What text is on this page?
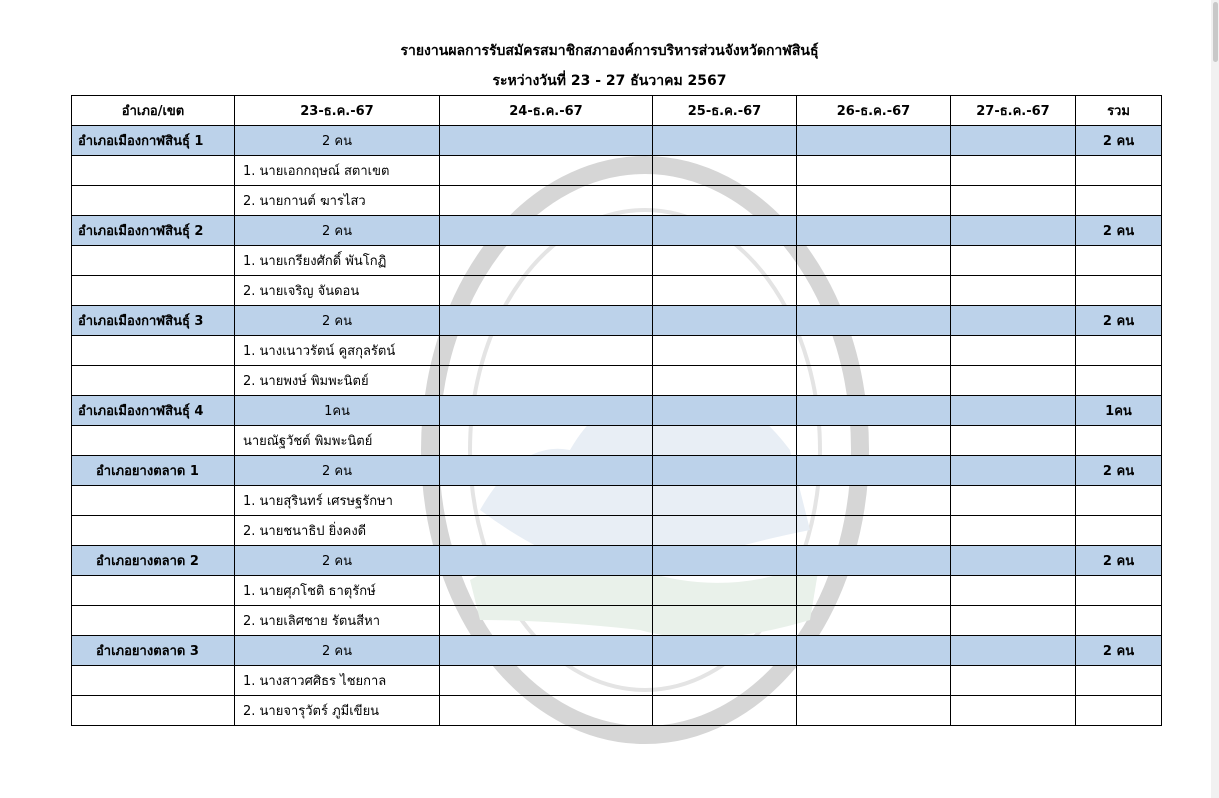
รายงานผลการรับสมัครสมาชิกสภาองค์การบริหารส่วนจังหวัดกาฬสินธุ์
ระหว่างวันที่ 23 - 27 ธันวาคม 2567
อำเภอ/เขต	23-ธ.ค.-67	24-ธ.ค.-67	25-ธ.ค.-67	26-ธ.ค.-67	27-ธ.ค.-67	รวม
อำเภอเมืองกาฬสินธุ์ 1	2 คน					2 คน
	1. นายเอกกฤษณ์ สตาเขต					
	2. นายกานต์ ฆารไสว					
อำเภอเมืองกาฬสินธุ์ 2	2 คน					2 คน
	1. นายเกรียงศักดิ์ พันโกฏิ					
	2. นายเจริญ จันดอน					
อำเภอเมืองกาฬสินธุ์ 3	2 คน					2 คน
	1. นางเนาวรัตน์ คูสกุลรัตน์					
	2. นายพงษ์ พิมพะนิตย์					
อำเภอเมืองกาฬสินธุ์ 4	1คน					1คน
	นายณัฐวัชต์ พิมพะนิตย์					
อำเภอยางตลาด 1	2 คน					2 คน
	1. นายสุรินทร์ เศรษฐรักษา					
	2. นายชนาธิป ยิ่งคงดี					
อำเภอยางตลาด 2	2 คน					2 คน
	1. นายศุภโชติ ธาตุรักษ์					
	2. นายเลิศชาย รัตนสีหา					
อำเภอยางตลาด 3	2 คน					2 คน
	1. นางสาวศศิธร ไชยกาล					
	2. นายจารุวัตร์ ภูมีเขียน					
